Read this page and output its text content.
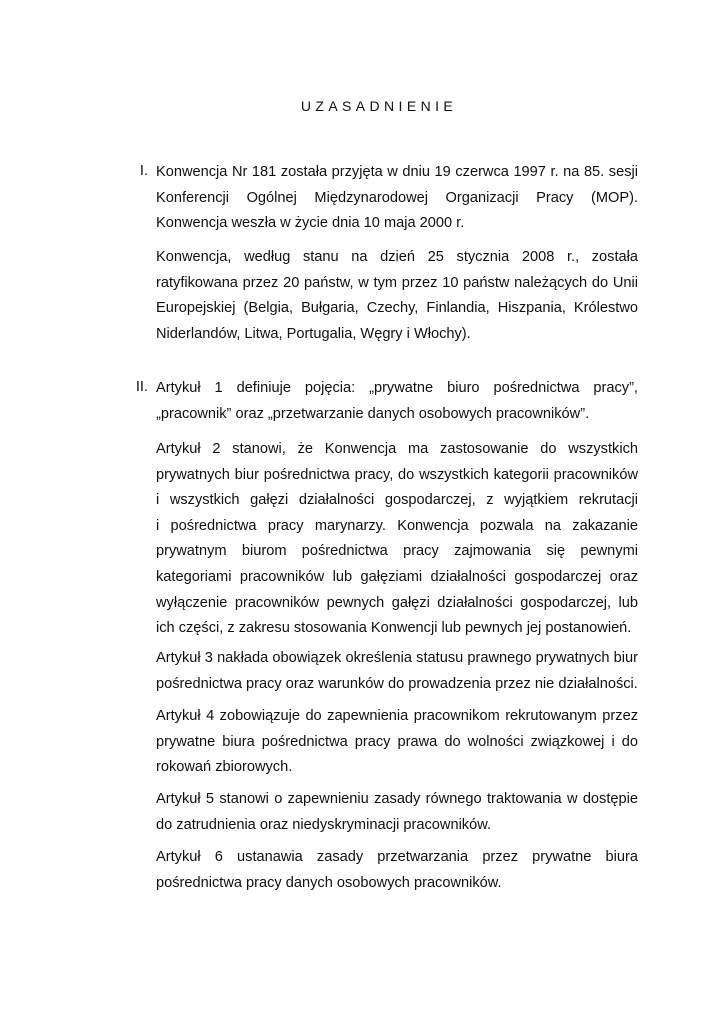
UZASADNIENIE
I. Konwencja Nr 181 została przyjęta w dniu 19 czerwca 1997 r. na 85. sesji
Konferencji Ogólnej Międzynarodowej Organizacji Pracy (MOP).
Konwencja weszła w życie dnia 10 maja 2000 r.
Konwencja, według stanu na dzień 25 stycznia 2008 r., została
ratyfikowana przez 20 państw, w tym przez 10 państw należących do Unii
Europejskiej (Belgia, Bułgaria, Czechy, Finlandia, Hiszpania, Królestwo
Niderlandów, Litwa, Portugalia, Węgry i Włochy).
II. Artykuł 1 definiuje pojęcia: „prywatne biuro pośrednictwa pracy”,
„pracownik” oraz „przetwarzanie danych osobowych pracowników”.
Artykuł 2 stanowi, że Konwencja ma zastosowanie do wszystkich
prywatnych biur pośrednictwa pracy, do wszystkich kategorii pracowników
i wszystkich gałęzi działalności gospodarczej, z wyjątkiem rekrutacji
i pośrednictwa pracy marynarzy. Konwencja pozwala na zakazanie
prywatnym biurom pośrednictwa pracy zajmowania się pewnymi
kategoriami pracowników lub gałęziami działalności gospodarczej oraz
wyłączenie pracowników pewnych gałęzi działalności gospodarczej, lub
ich części, z zakresu stosowania Konwencji lub pewnych jej postanowień.
Artykuł 3 nakłada obowiązek określenia statusu prawnego prywatnych biur
pośrednictwa pracy oraz warunków do prowadzenia przez nie działalności.
Artykuł 4 zobowiązuje do zapewnienia pracownikom rekrutowanym przez
prywatne biura pośrednictwa pracy prawa do wolności związkowej i do
rokowań zbiorowych.
Artykuł 5 stanowi o zapewnieniu zasady równego traktowania w dostępie
do zatrudnienia oraz niedyskryminacji pracowników.
Artykuł 6 ustanawia zasady przetwarzania przez prywatne biura
pośrednictwa pracy danych osobowych pracowników.
